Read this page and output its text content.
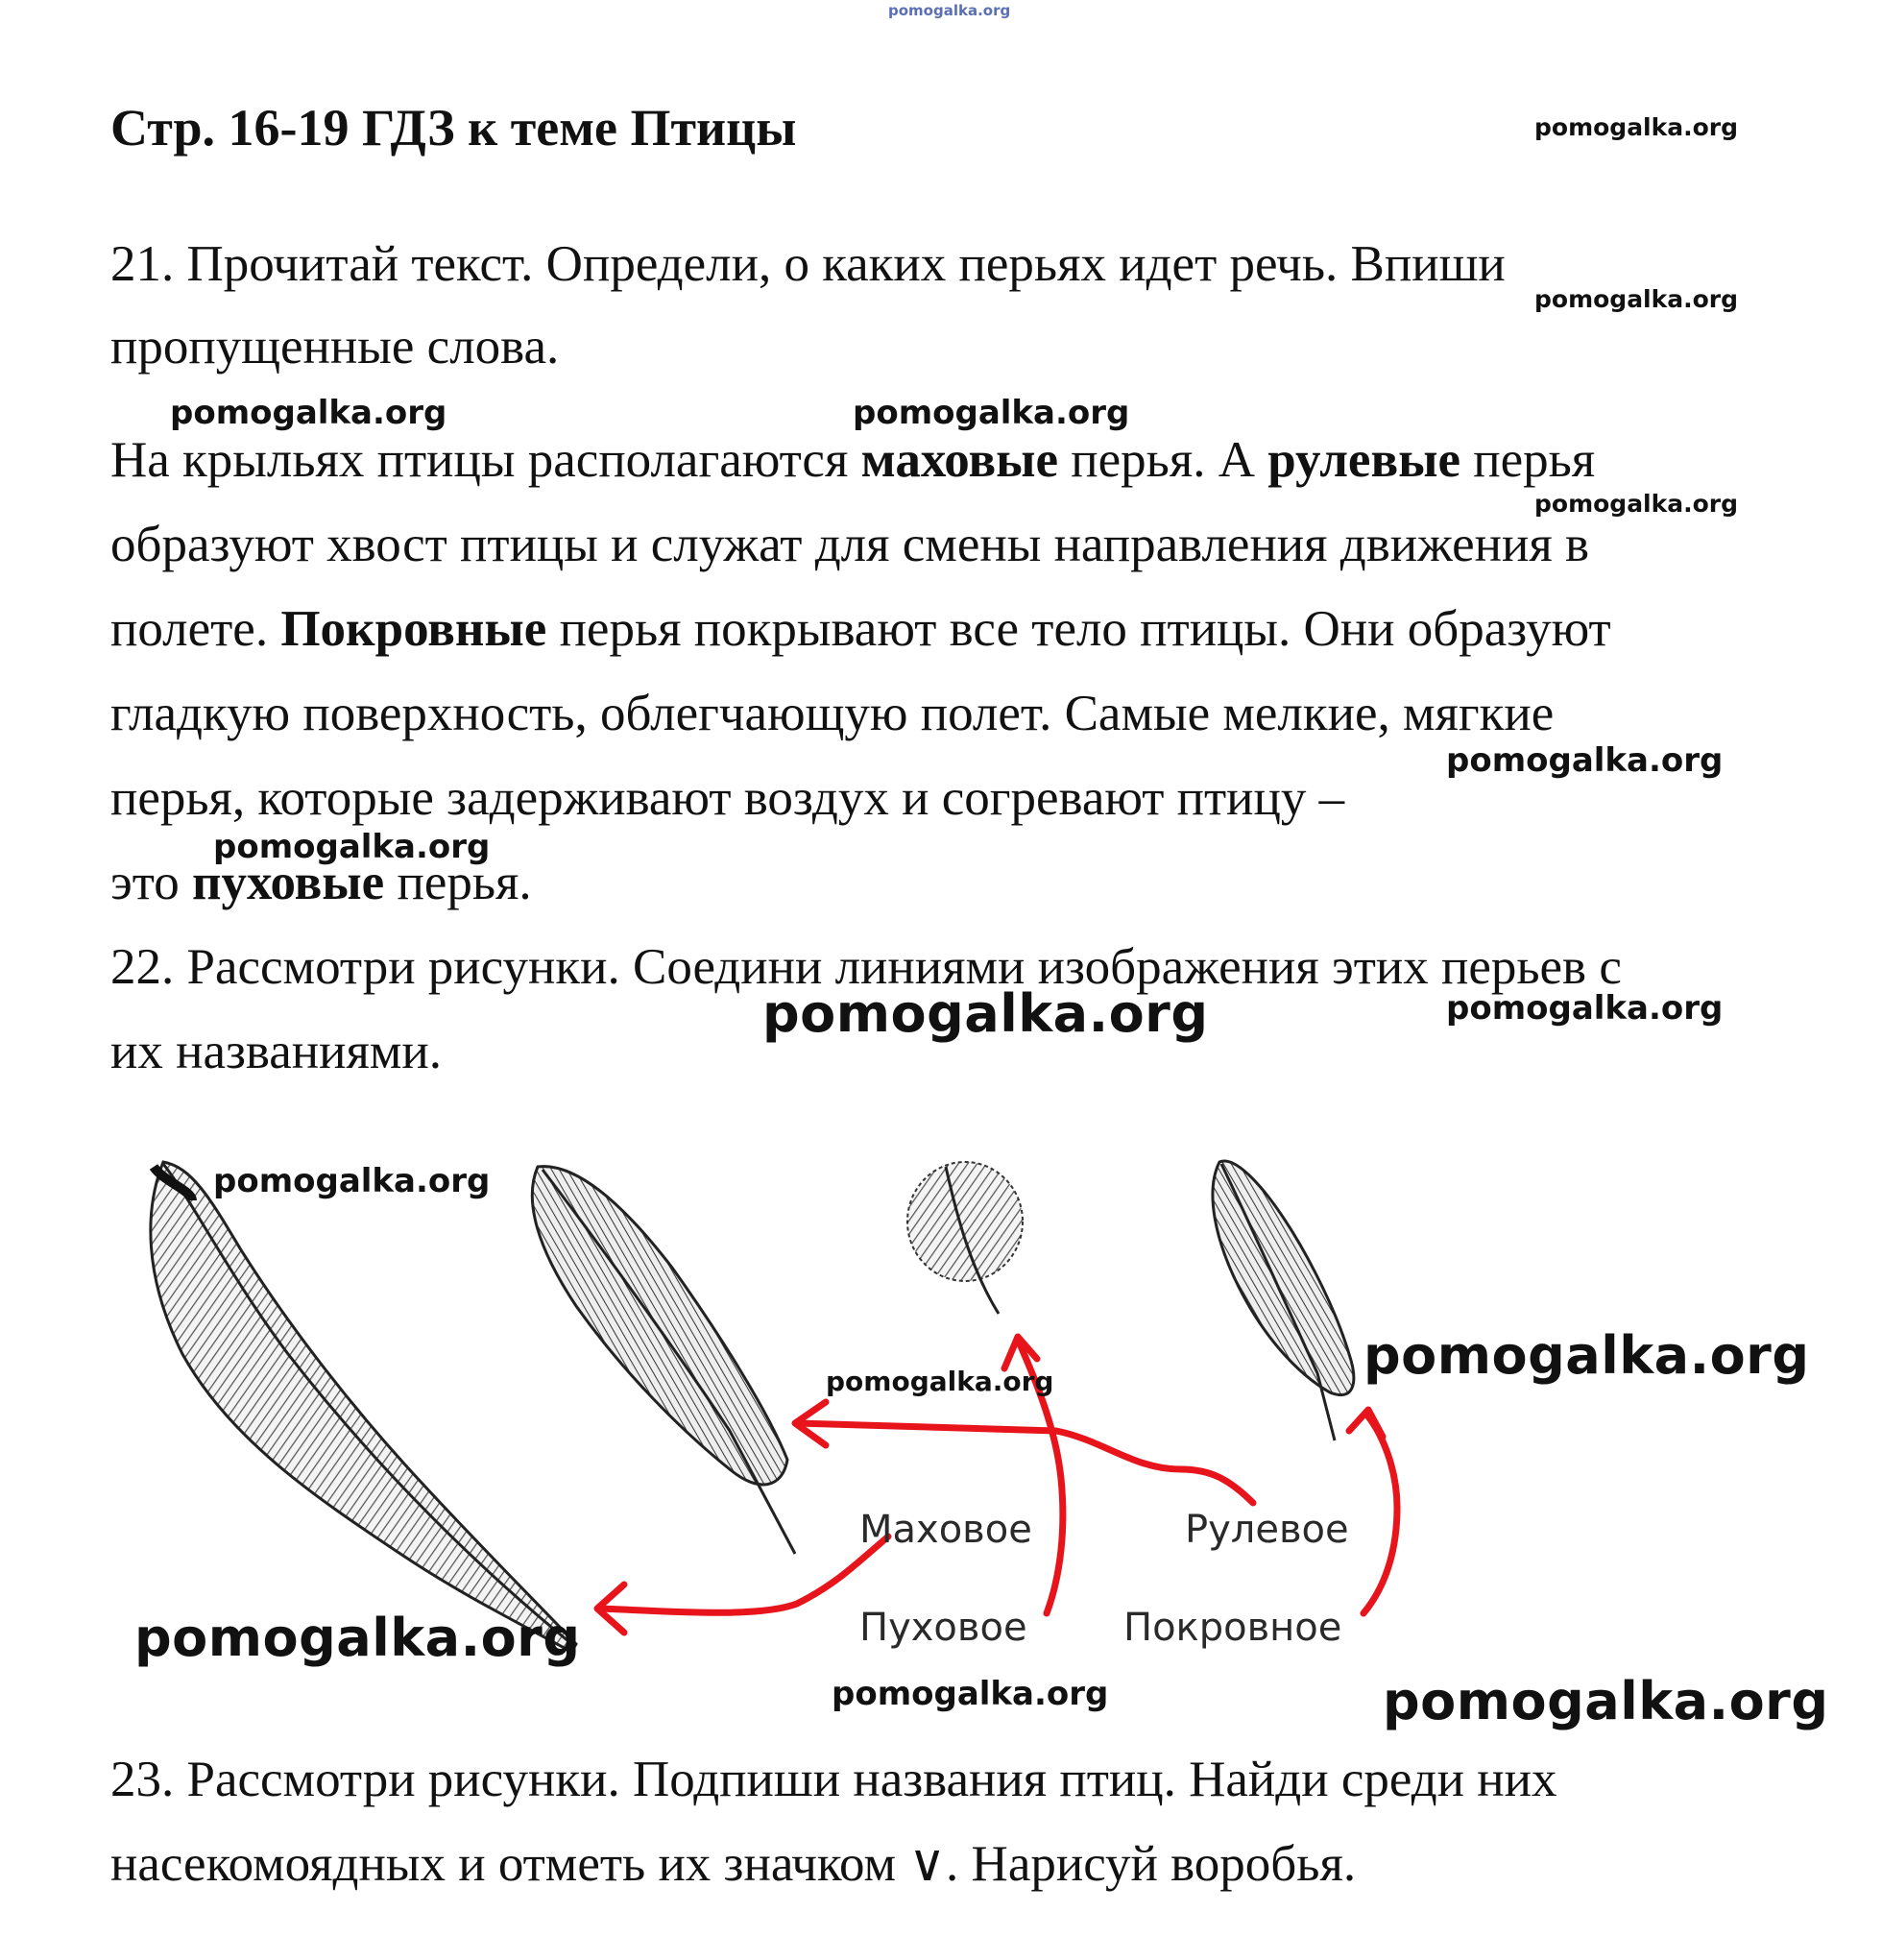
pomogalka.org
Стр. 16-19 ГДЗ к теме Птицы	pomogalka.org
21. Прочитай текст. Определи, о каких перьях идет речь. Впиши
pomogalka.org
пропущенные слова.
pomogalka.org	pomogalka.org
На крыльях птицы располагаются маховые перья. А рулевые перья
pomogalka.org
образуют хвост птицы и служат для смены направления движения в
полете. Покровные перья покрывают все тело птицы. Они образуют
гладкую поверхность, облегчающую полет. Самые мелкие, мягкие
pomogalka.org
перья, которые задерживают воздух и согревают птицу –
pomogalka.org
это пуховые перья.
22. Рассмотри рисунки. Соедини линиями изображения этих перьев с
pomogalka.org	pomogalka.org
их названиями.
pomogalka.org
pomogalka.org	pomogalka.org
Маховое	Рулевое
Пуховое	Покровное
pomogalka.org
pomogalka.org	pomogalka.org
23. Рассмотри рисунки. Подпиши названия птиц. Найди среди них
насекомоядных и отметь их значком ∨. Нарисуй воробья.
